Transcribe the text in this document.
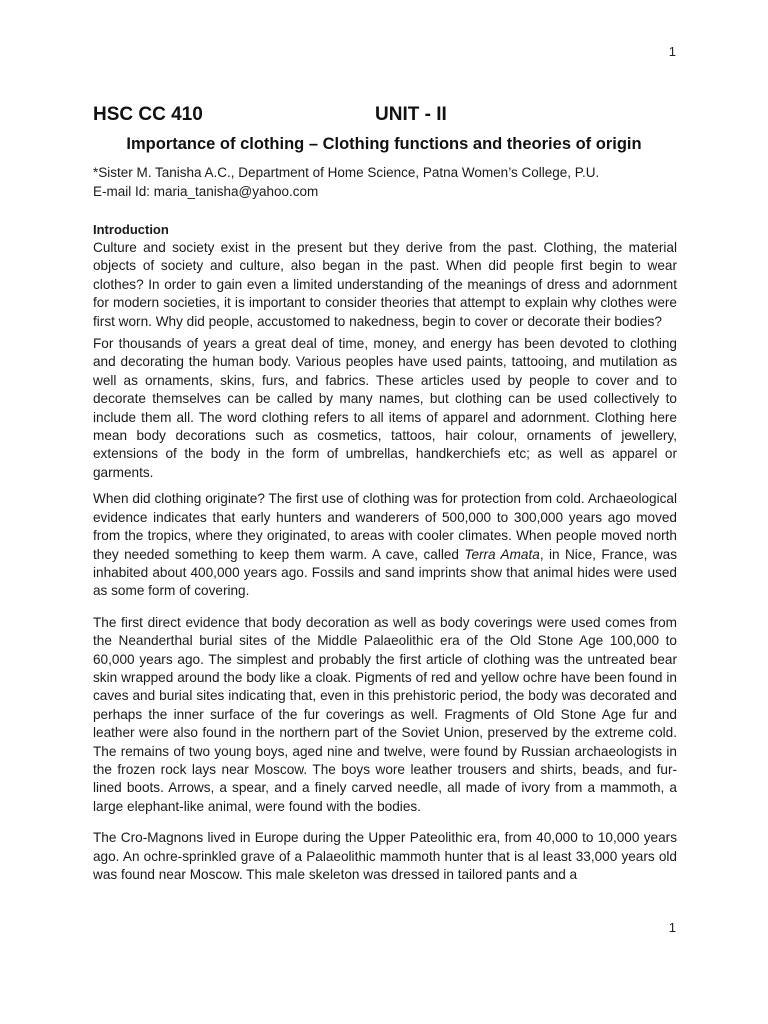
1
HSC CC 410	UNIT - II
Importance of clothing – Clothing functions and theories of origin
*Sister M. Tanisha A.C., Department of Home Science, Patna Women’s College, P.U.
E-mail Id: maria_tanisha@yahoo.com
Introduction

Culture and society exist in the present but they derive from the past. Clothing, the material objects of society and culture, also began in the past. When did people first begin to wear clothes? In order to gain even a limited understanding of the meanings of dress and adornment for modern societies, it is important to consider theories that attempt to explain why clothes were first worn. Why did people, accustomed to nakedness, begin to cover or decorate their bodies?

For thousands of years a great deal of time, money, and energy has been devoted to clothing and decorating the human body. Various peoples have used paints, tattooing, and mutilation as well as ornaments, skins, furs, and fabrics. These articles used by people to cover and to decorate themselves can be called by many names, but clothing can be used collectively to include them all. The word clothing refers to all items of apparel and adornment. Clothing here mean body decorations such as cosmetics, tattoos, hair colour, ornaments of jewellery, extensions of the body in the form of umbrellas, handkerchiefs etc; as well as apparel or garments.

When did clothing originate? The first use of clothing was for protection from cold. Archaeological evidence indicates that early hunters and wanderers of 500,000 to 300,000 years ago moved from the tropics, where they originated, to areas with cooler climates. When people moved north they needed something to keep them warm. A cave, called Terra Amata, in Nice, France, was inhabited about 400,000 years ago. Fossils and sand imprints show that animal hides were used as some form of covering.

The first direct evidence that body decoration as well as body coverings were used comes from the Neanderthal burial sites of the Middle Palaeolithic era of the Old Stone Age 100,000 to 60,000 years ago. The simplest and probably the first article of clothing was the untreated bear skin wrapped around the body like a cloak. Pigments of red and yellow ochre have been found in caves and burial sites indicating that, even in this prehistoric period, the body was decorated and perhaps the inner surface of the fur coverings as well. Fragments of Old Stone Age fur and leather were also found in the northern part of the Soviet Union, preserved by the extreme cold. The remains of two young boys, aged nine and twelve, were found by Russian archaeologists in the frozen rock lays near Moscow. The boys wore leather trousers and shirts, beads, and fur-lined boots. Arrows, a spear, and a finely carved needle, all made of ivory from a mammoth, a large elephant-like animal, were found with the bodies.

The Cro-Magnons lived in Europe during the Upper Pateolithic era, from 40,000 to 10,000 years ago. An ochre-sprinkled grave of a Palaeolithic mammoth hunter that is al least 33,000 years old was found near Moscow. This male skeleton was dressed in tailored pants and a

1
